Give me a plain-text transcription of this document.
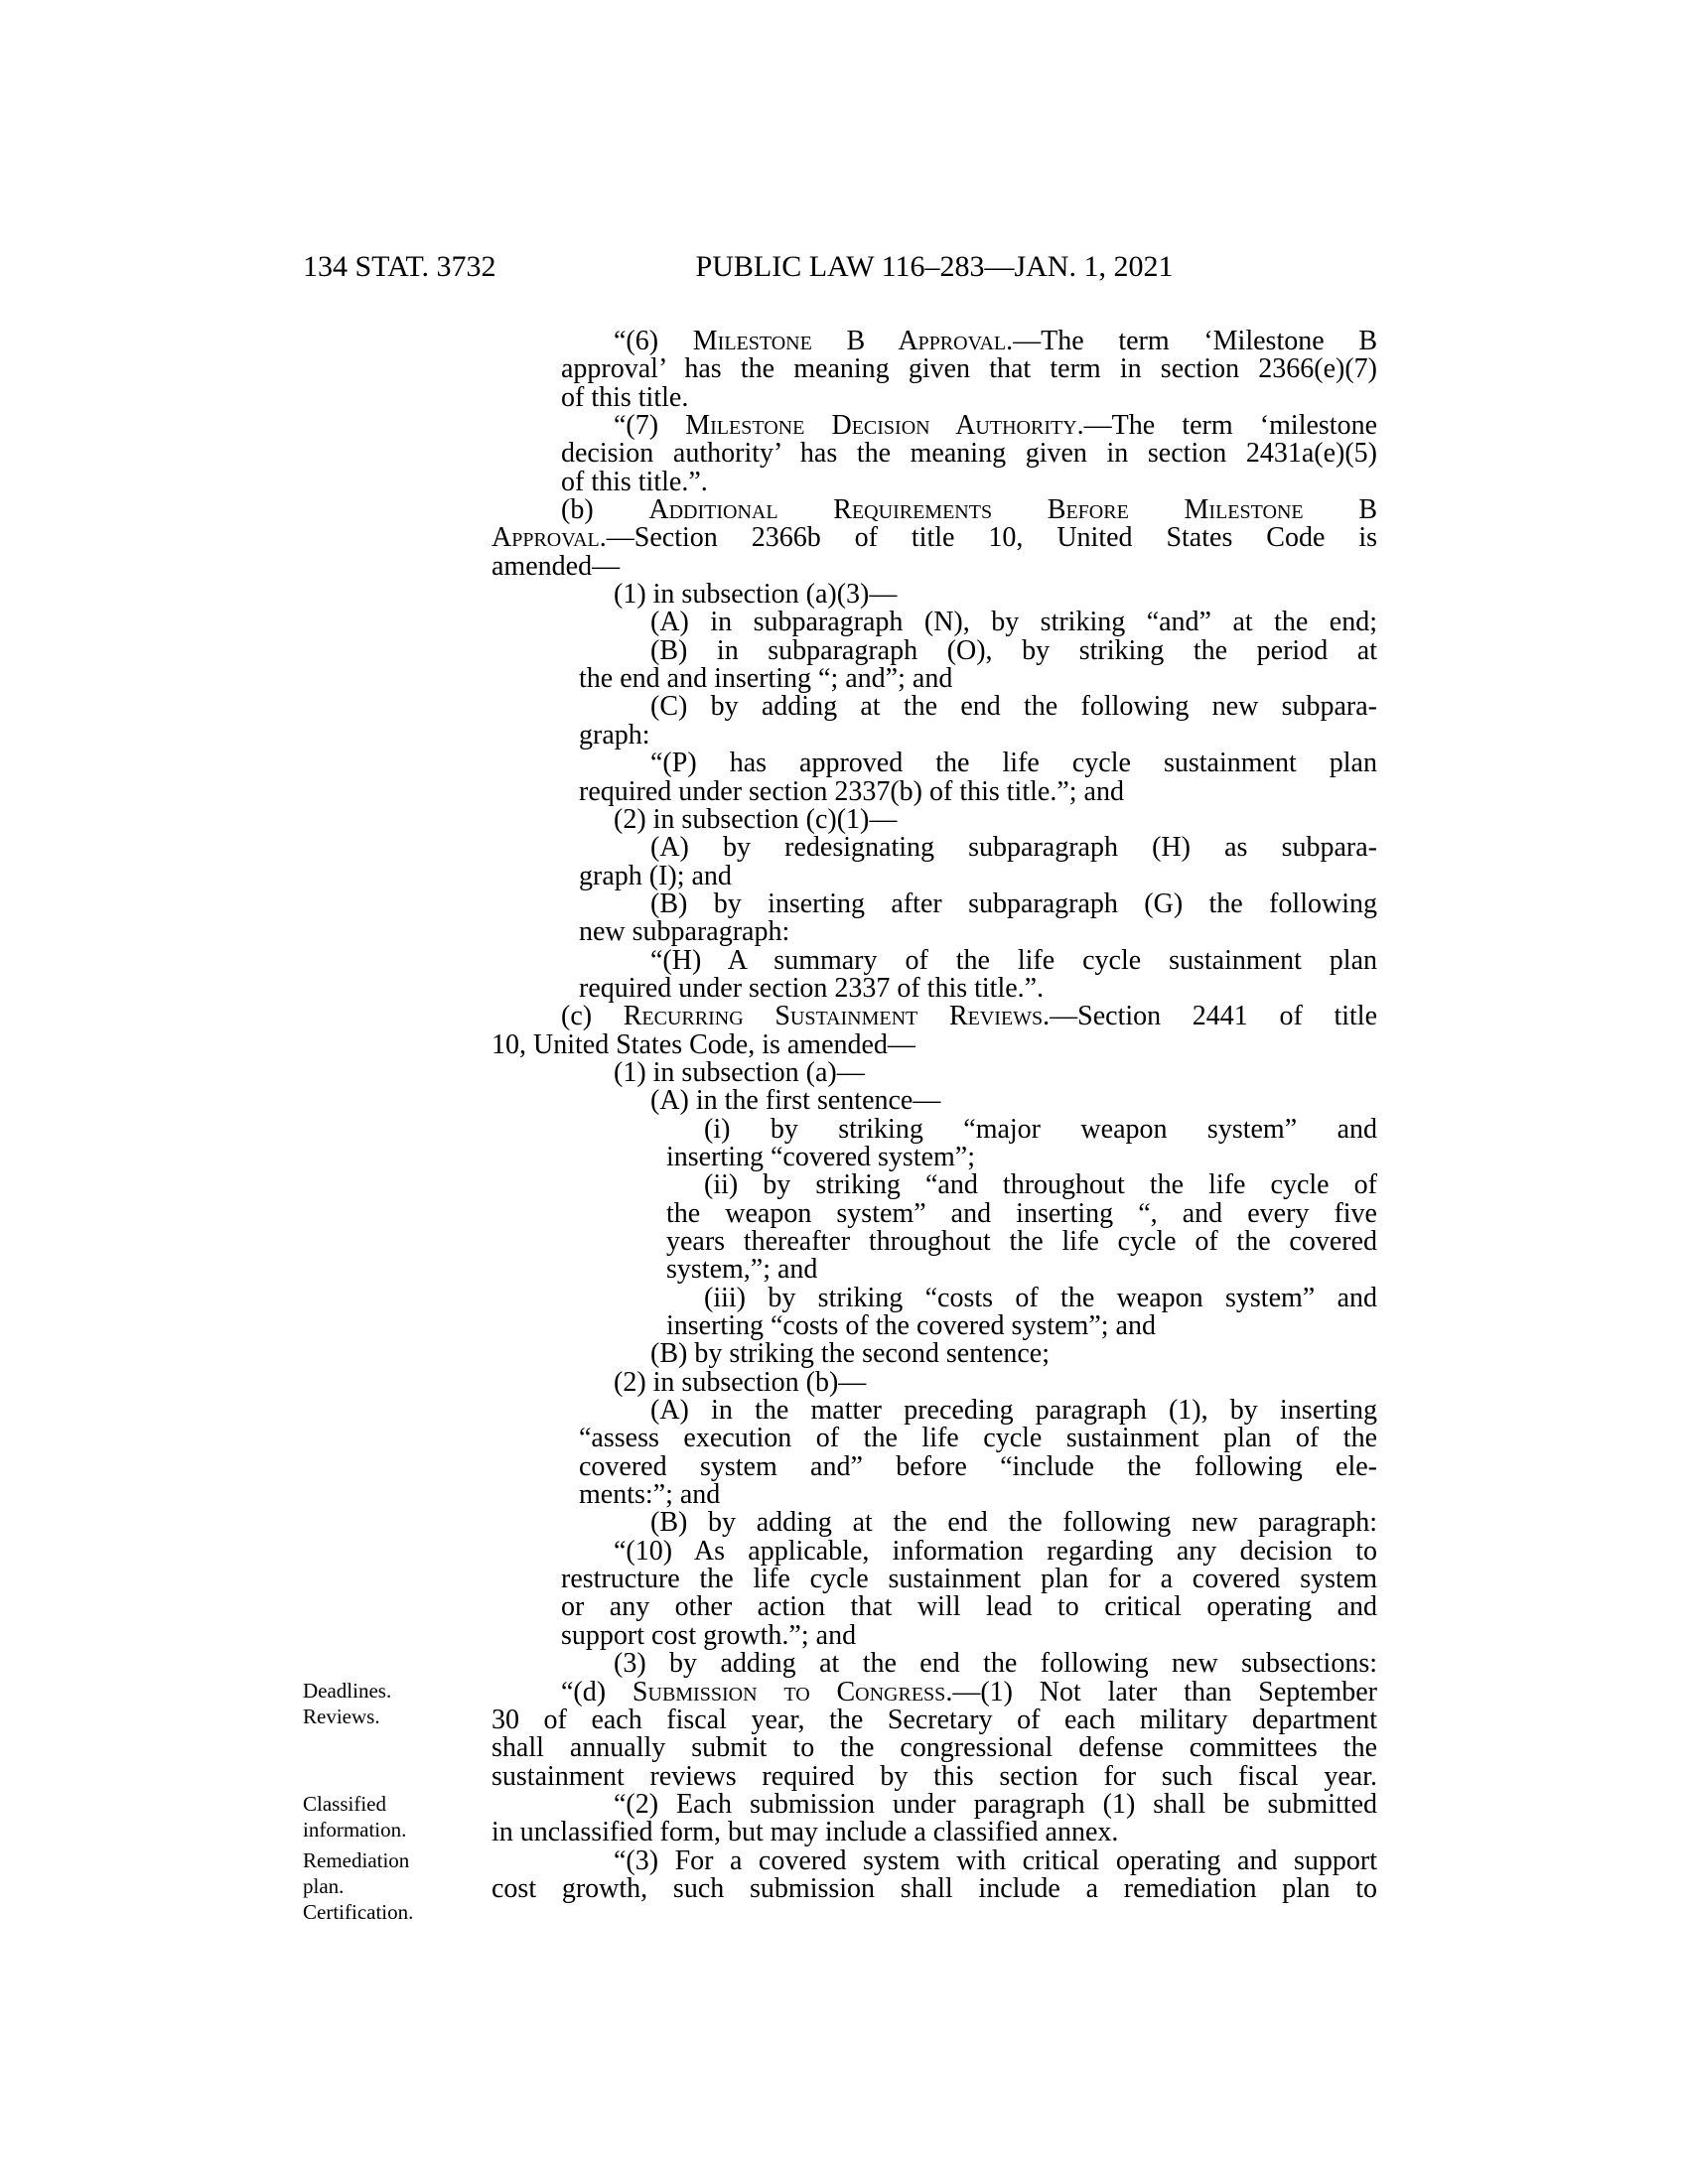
134 STAT. 3732	PUBLIC LAW 116–283—JAN. 1, 2021
“(6) Milestone B Approval.—The term ‘Milestone B
approval’ has the meaning given that term in section 2366(e)(7)
of this title.
“(7) Milestone Decision Authority.—The term ‘milestone
decision authority’ has the meaning given in section 2431a(e)(5)
of this title.”.
(b) Additional Requirements Before Milestone B
Approval.—Section 2366b of title 10, United States Code is
amended—
(1) in subsection (a)(3)—
(A) in subparagraph (N), by striking “and” at the end;
(B) in subparagraph (O), by striking the period at
the end and inserting “; and”; and
(C) by adding at the end the following new subpara-
graph:
“(P) has approved the life cycle sustainment plan
required under section 2337(b) of this title.”; and
(2) in subsection (c)(1)—
(A) by redesignating subparagraph (H) as subpara-
graph (I); and
(B) by inserting after subparagraph (G) the following
new subparagraph:
“(H) A summary of the life cycle sustainment plan
required under section 2337 of this title.”.
(c) Recurring Sustainment Reviews.—Section 2441 of title
10, United States Code, is amended—
(1) in subsection (a)—
(A) in the first sentence—
(i) by striking “major weapon system” and
inserting “covered system”;
(ii) by striking “and throughout the life cycle of
the weapon system” and inserting “, and every five
years thereafter throughout the life cycle of the covered
system,”; and
(iii) by striking “costs of the weapon system” and
inserting “costs of the covered system”; and
(B) by striking the second sentence;
(2) in subsection (b)—
(A) in the matter preceding paragraph (1), by inserting
“assess execution of the life cycle sustainment plan of the
covered system and” before “include the following ele-
ments:”; and
(B) by adding at the end the following new paragraph:
“(10) As applicable, information regarding any decision to
restructure the life cycle sustainment plan for a covered system
or any other action that will lead to critical operating and
support cost growth.”; and
(3) by adding at the end the following new subsections:
“(d) Submission to Congress.—(1) Not later than September
30 of each fiscal year, the Secretary of each military department
shall annually submit to the congressional defense committees the
sustainment reviews required by this section for such fiscal year.
“(2) Each submission under paragraph (1) shall be submitted
in unclassified form, but may include a classified annex.
“(3) For a covered system with critical operating and support
cost growth, such submission shall include a remediation plan to
Deadlines.
Reviews.
Classified
information.
Remediation
plan.
Certification.
